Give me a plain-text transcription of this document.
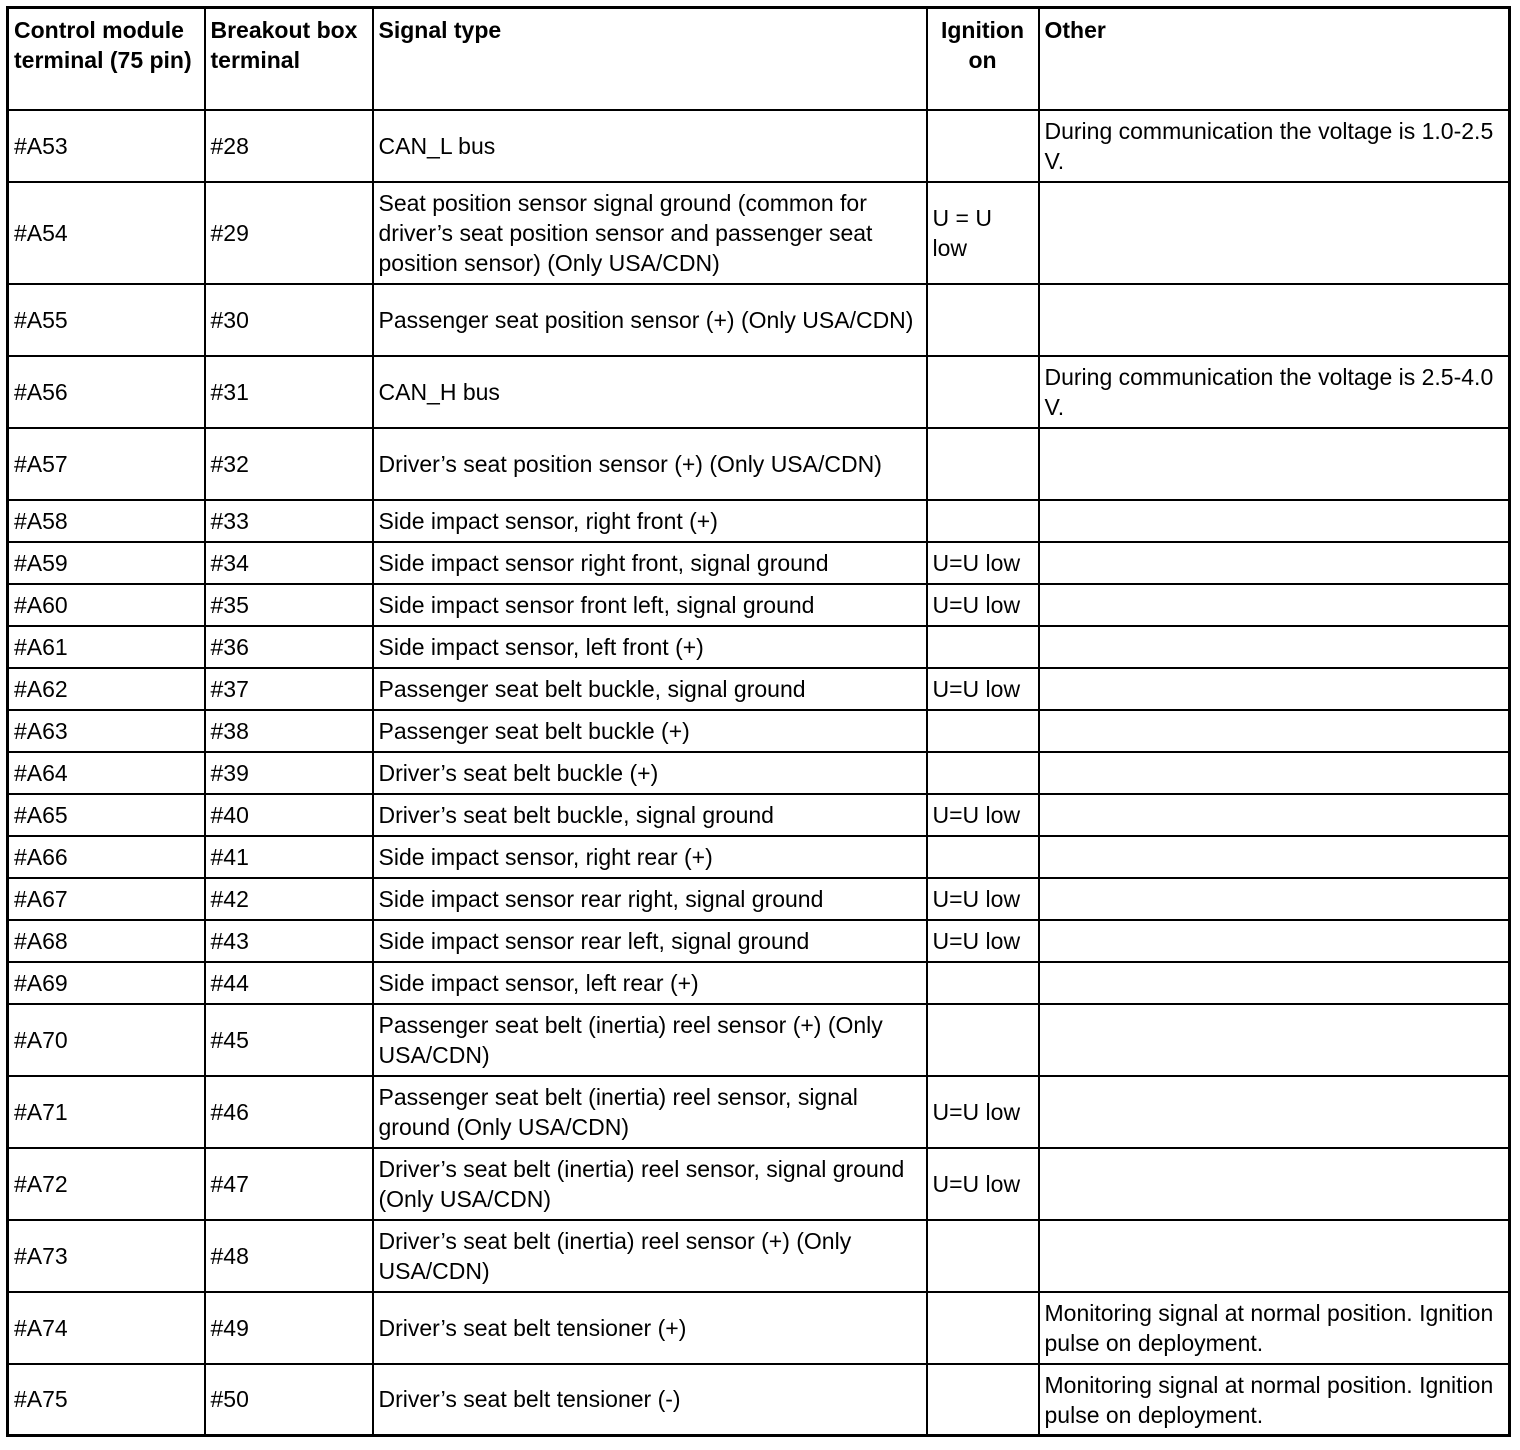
Control module terminal (75 pin)	Breakout box terminal	Signal type	Ignition on	Other
#A53	#28	CAN_L bus		During communication the voltage is 1.0-2.5 V.
#A54	#29	Seat position sensor signal ground (common for driver’s seat position sensor and passenger seat position sensor) (Only USA/CDN)	U = U low	
#A55	#30	Passenger seat position sensor (+) (Only USA/CDN)		
#A56	#31	CAN_H bus		During communication the voltage is 2.5-4.0 V.
#A57	#32	Driver’s seat position sensor (+) (Only USA/CDN)		
#A58	#33	Side impact sensor, right front (+)		
#A59	#34	Side impact sensor right front, signal ground	U=U low	
#A60	#35	Side impact sensor front left, signal ground	U=U low	
#A61	#36	Side impact sensor, left front (+)		
#A62	#37	Passenger seat belt buckle, signal ground	U=U low	
#A63	#38	Passenger seat belt buckle (+)		
#A64	#39	Driver’s seat belt buckle (+)		
#A65	#40	Driver’s seat belt buckle, signal ground	U=U low	
#A66	#41	Side impact sensor, right rear (+)		
#A67	#42	Side impact sensor rear right, signal ground	U=U low	
#A68	#43	Side impact sensor rear left, signal ground	U=U low	
#A69	#44	Side impact sensor, left rear (+)		
#A70	#45	Passenger seat belt (inertia) reel sensor (+) (Only USA/CDN)		
#A71	#46	Passenger seat belt (inertia) reel sensor, signal ground (Only USA/CDN)	U=U low	
#A72	#47	Driver’s seat belt (inertia) reel sensor, signal ground (Only USA/CDN)	U=U low	
#A73	#48	Driver’s seat belt (inertia) reel sensor (+) (Only USA/CDN)		
#A74	#49	Driver’s seat belt tensioner (+)		Monitoring signal at normal position. Ignition pulse on deployment.
#A75	#50	Driver’s seat belt tensioner (-)		Monitoring signal at normal position. Ignition pulse on deployment.
